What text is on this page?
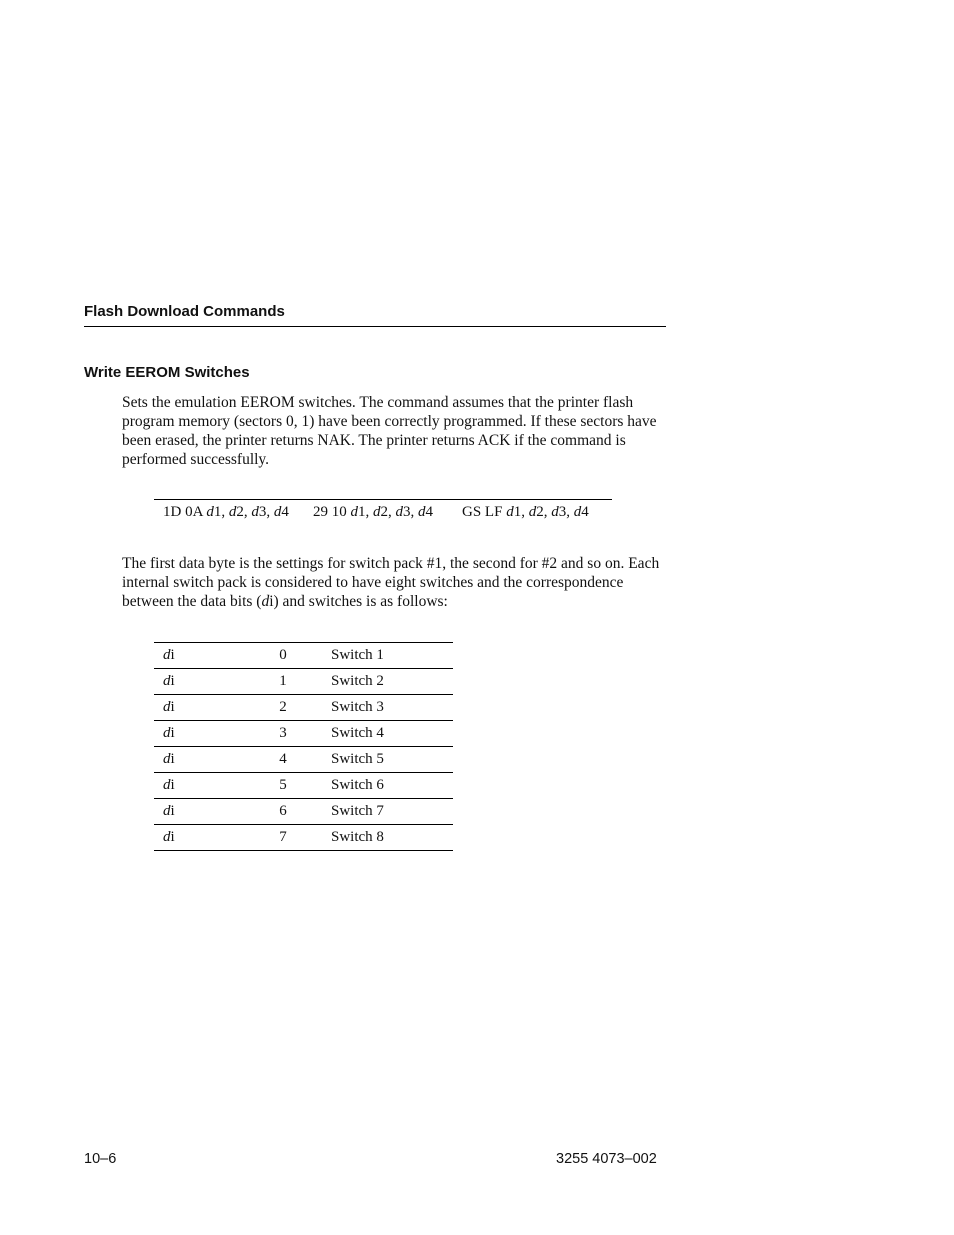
Flash Download Commands
Write EEROM Switches

Sets the emulation EEROM switches. The command assumes that the printer flash program memory (sectors 0, 1) have been correctly programmed. If these sectors have been erased, the printer returns NAK. The printer returns ACK if the command is performed successfully.

1D 0A d1, d2, d3, d4	29 10 d1, d2, d3, d4	GS LF d1, d2, d3, d4

The first data byte is the settings for switch pack #1, the second for #2 and so on. Each internal switch pack is considered to have eight switches and the correspondence between the data bits (di) and switches is as follows:

di	0	Switch 1
di	1	Switch 2
di	2	Switch 3
di	3	Switch 4
di	4	Switch 5
di	5	Switch 6
di	6	Switch 7
di	7	Switch 8
10–6	3255 4073–002
